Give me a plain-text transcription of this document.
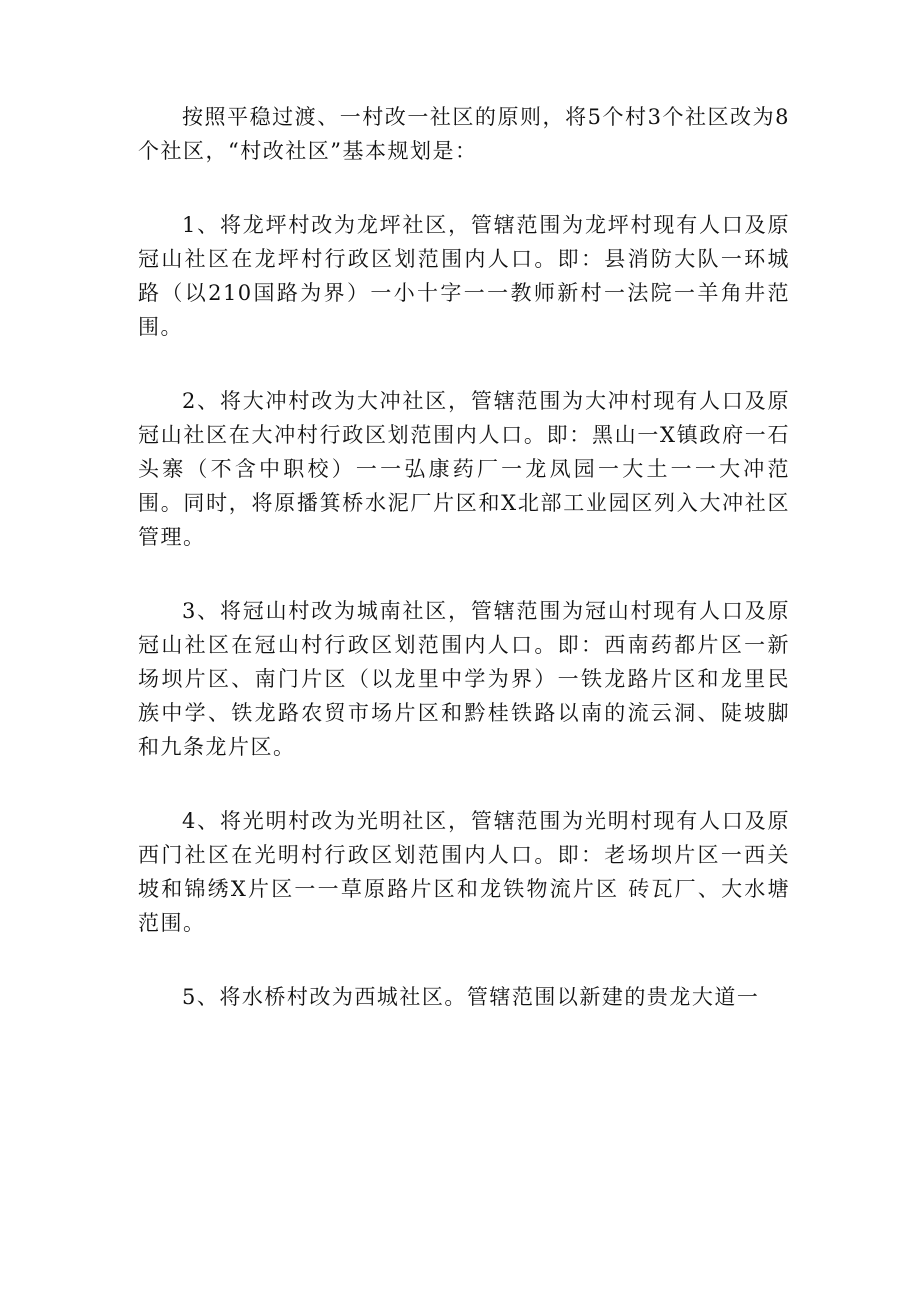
按照平稳过渡、一村改一社区的原则，将5个村3个社区改为8个社区，“村改社区”基本规划是：

1、将龙坪村改为龙坪社区，管辖范围为龙坪村现有人口及原冠山社区在龙坪村行政区划范围内人口。即：县消防大队一环城路（以210国路为界）一小十字一一教师新村一法院一羊角井范围。

2、将大冲村改为大冲社区，管辖范围为大冲村现有人口及原冠山社区在大冲村行政区划范围内人口。即：黑山一X镇政府一石头寨（不含中职校）一一弘康药厂一龙凤园一大土一一大冲范围。同时，将原播箕桥水泥厂片区和X北部工业园区列入大冲社区管理。

3、将冠山村改为城南社区，管辖范围为冠山村现有人口及原冠山社区在冠山村行政区划范围内人口。即：西南药都片区一新场坝片区、南门片区（以龙里中学为界）一铁龙路片区和龙里民族中学、铁龙路农贸市场片区和黔桂铁路以南的流云洞、陡坡脚和九条龙片区。

4、将光明村改为光明社区，管辖范围为光明村现有人口及原西门社区在光明村行政区划范围内人口。即：老场坝片区一西关坡和锦绣X片区一一草原路片区和龙铁物流片区 砖瓦厂、大水塘范围。

5、将水桥村改为西城社区。管辖范围以新建的贵龙大道一
